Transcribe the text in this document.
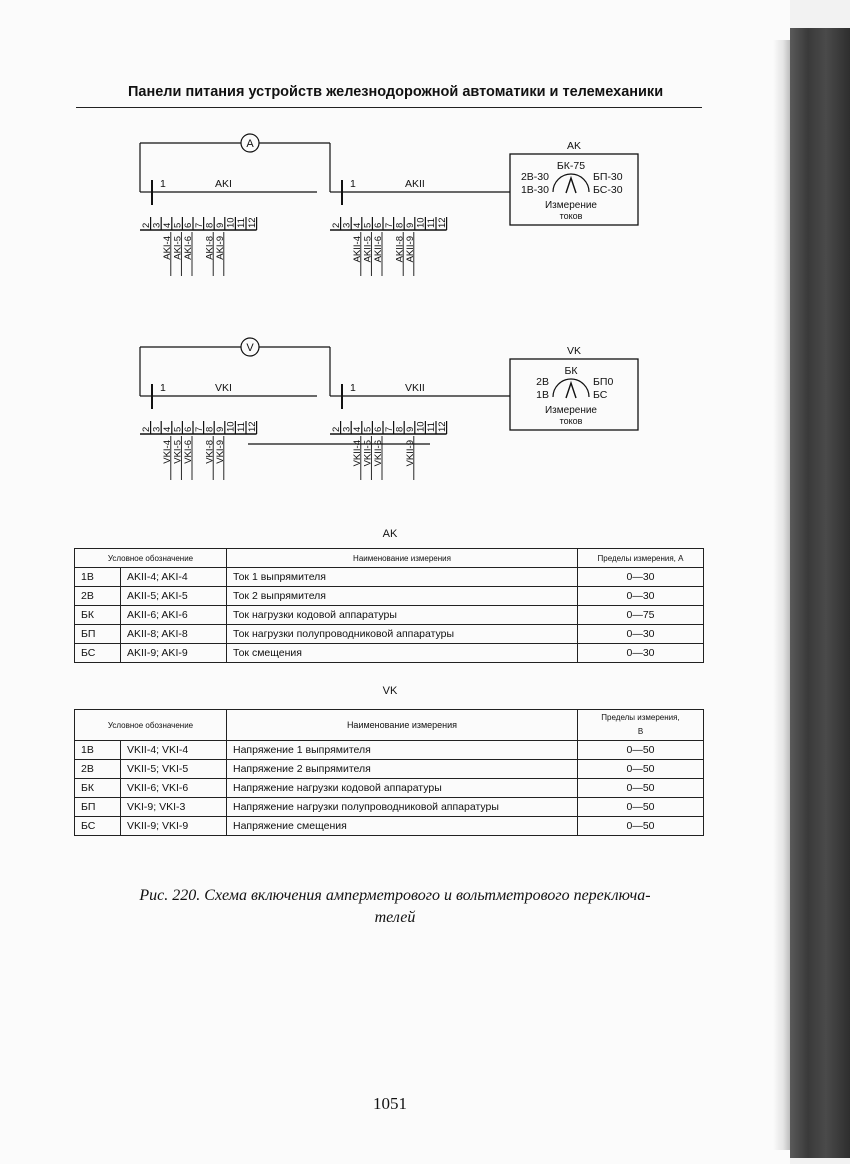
Панели питания устройств железнодорожной автоматики и телемеханики
A
V
1	AKI	1	AKII
1	VKI	1	VKII
AK
2В-30
1В-30
БК-75
БП-30
БС-30
Измерение
токов
VK
2В
1В
БК
БП0
БС
Измерение
токов
2 3 4 5 6 7 8 9 10 11 12	2 3 4 5 6 7 8 9 10 11 12
AKI-4 AKI-5 AKI-6 AKI-8 AKI-9	AKII-4 AKII-5 AKII-6 AKII-8 AKII-9
2 3 4 5 6 7 8 9 10 11 12	2 3 4 5 6 7 8 9 10 11 12
VKI-4 VKI-5 VKI-6 VKI-8 VKI-9	VKII-4 VKII-5 VKII-6 VKII-9
AK
Условное обозначение		Наименование измерения	Пределы измерения, А
1В	AKII-4; AKI-4	Ток 1 выпрямителя	0—30
2В	AKII-5; AKI-5	Ток 2 выпрямителя	0—30
БК	AKII-6; AKI-6	Ток нагрузки кодовой аппаратуры	0—75
БП	AKII-8; AKI-8	Ток нагрузки полупроводниковой аппаратуры	0—30
БС	AKII-9; AKI-9	Ток смещения	0—30
VK
Условное обозначение		Наименование измерения	Пределы измерения,
В
1В	VKII-4; VKI-4	Напряжение 1 выпрямителя	0—50
2В	VKII-5; VKI-5	Напряжение 2 выпрямителя	0—50
БК	VKII-6; VKI-6	Напряжение нагрузки кодовой аппаратуры	0—50
БП	VKI-9; VKI-3	Напряжение нагрузки полупроводниковой аппаратуры	0—50
БС	VKII-9; VKI-9	Напряжение смещения	0—50
Рис. 220. Схема включения амперметрового и вольтметрового переключа-
телей
1051
